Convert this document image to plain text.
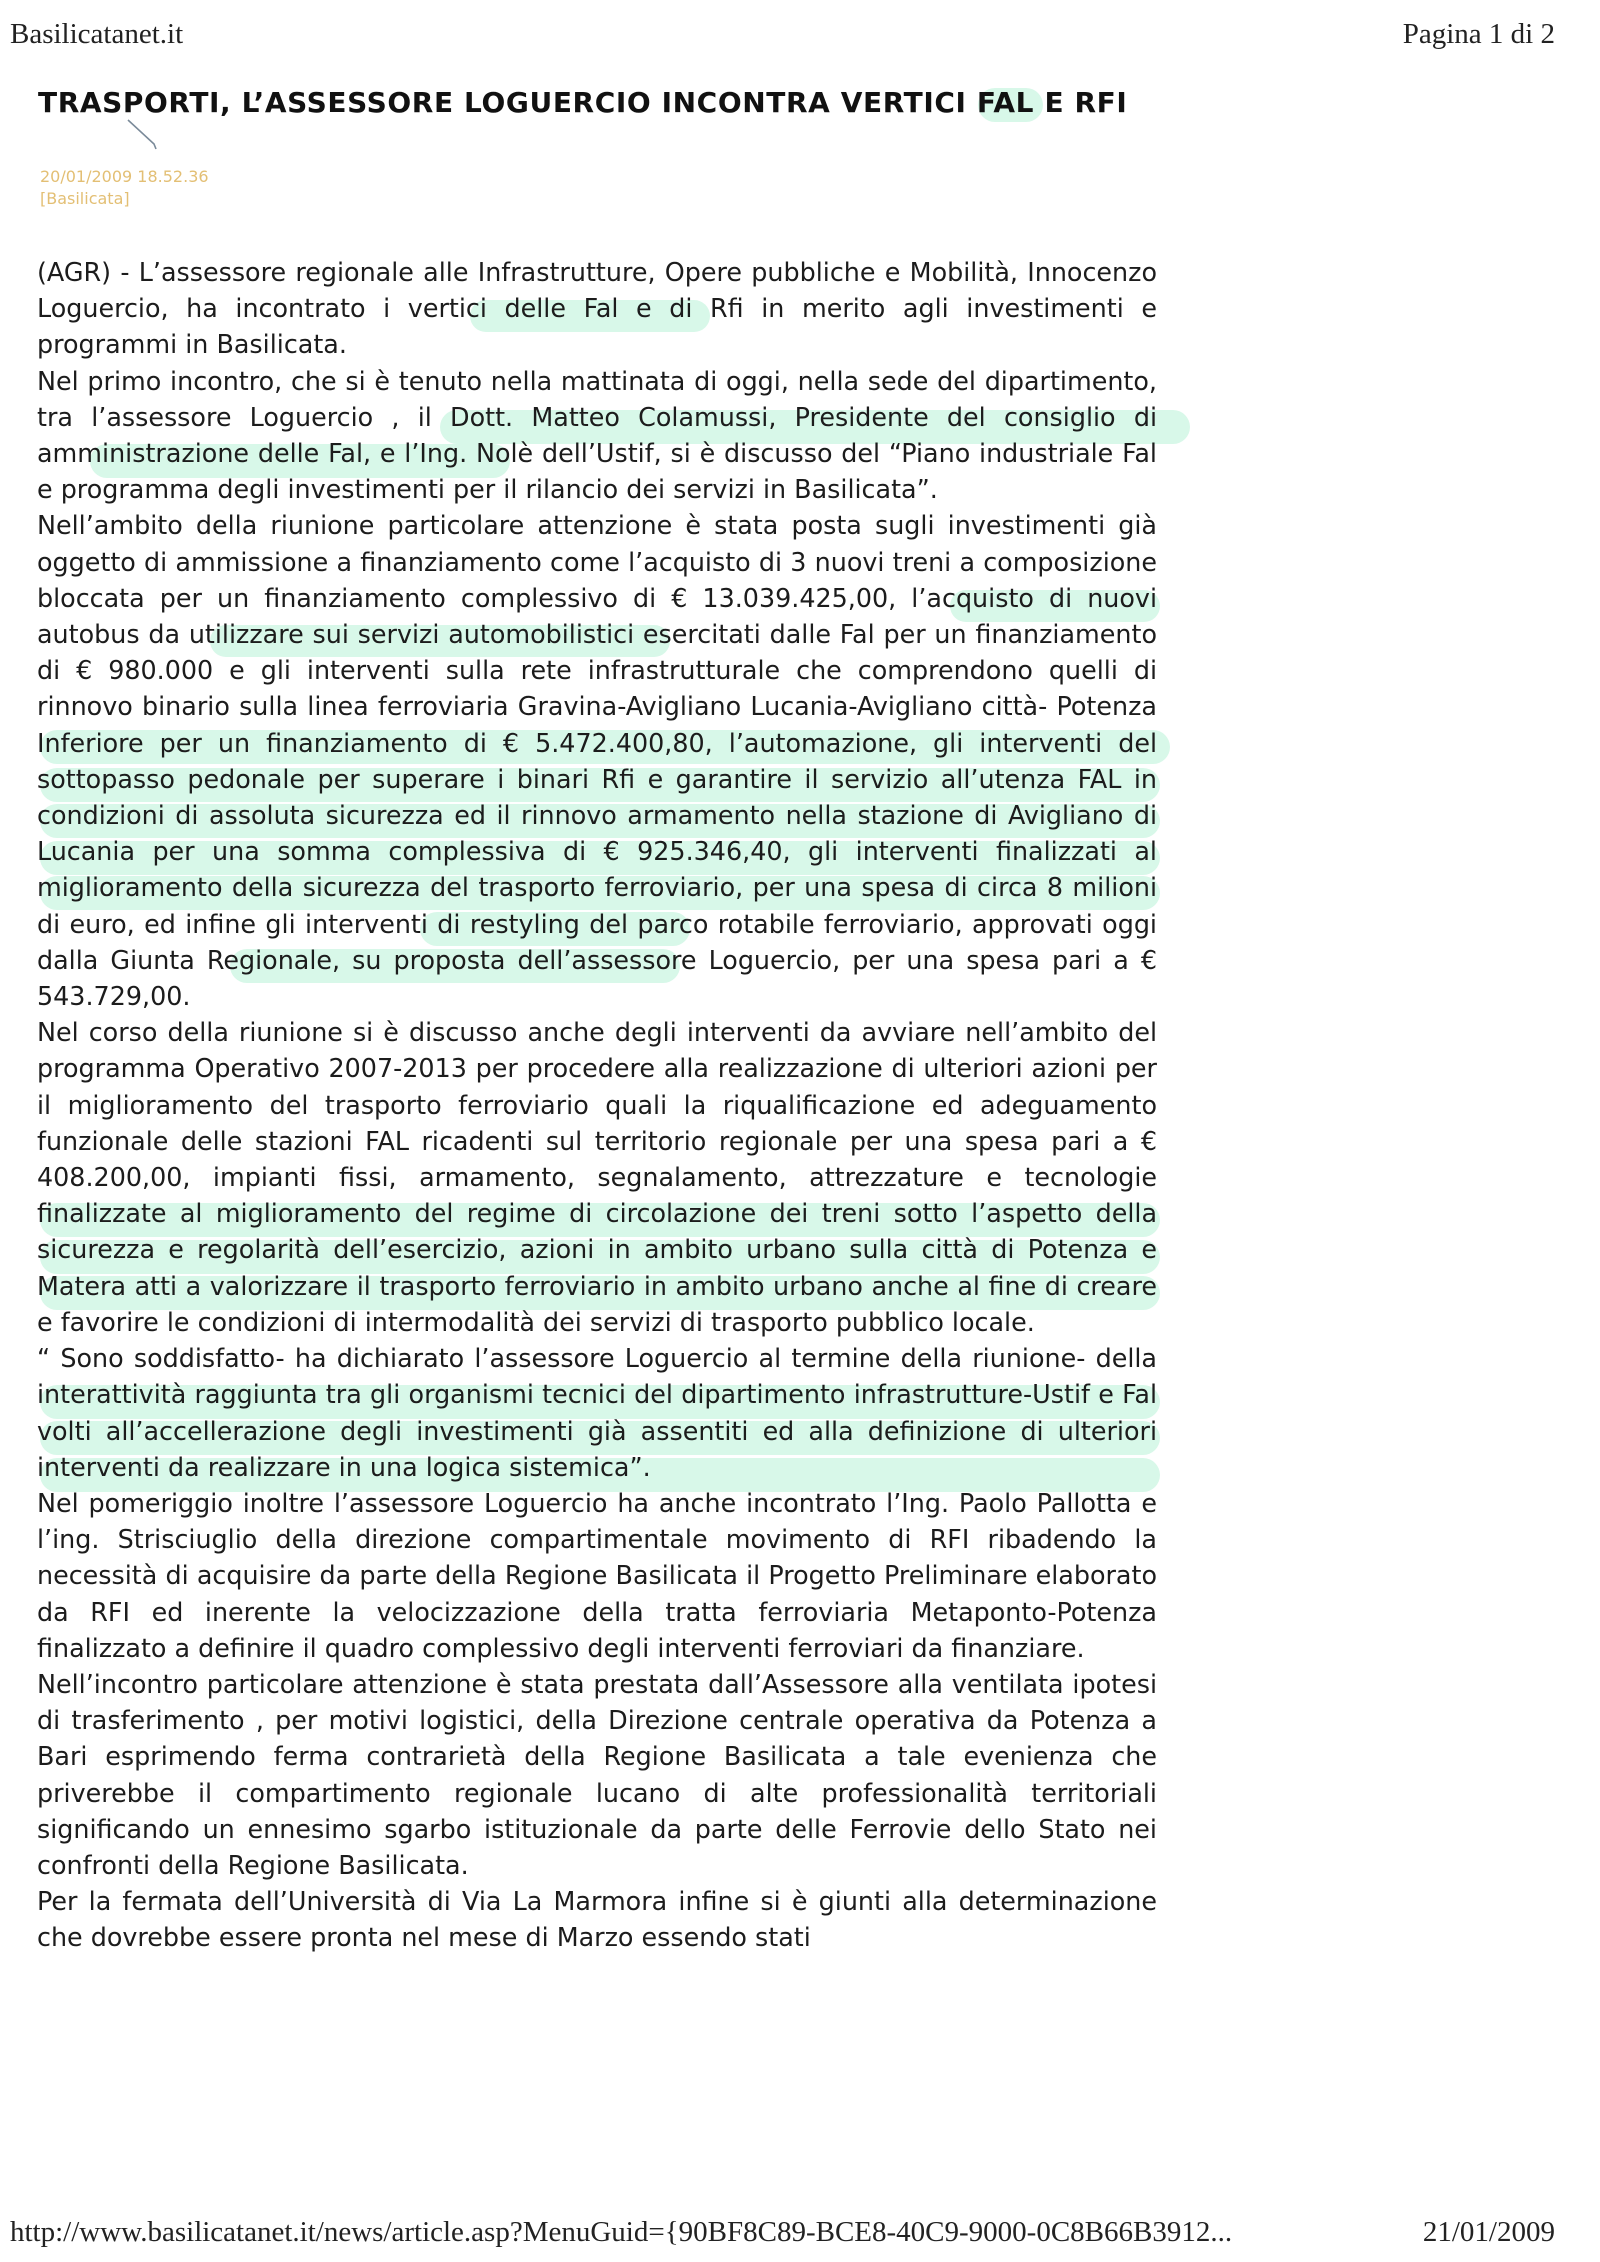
Basilicatanet.it	Pagina 1 di 2
TRASPORTI, L’ASSESSORE LOGUERCIO INCONTRA VERTICI FAL E RFI
20/01/2009 18.52.36
[Basilicata]

(AGR) - L’assessore regionale alle Infrastrutture, Opere pubbliche e Mobilità, Innocenzo Loguercio, ha incontrato i vertici delle Fal e di Rfi in merito agli investimenti e programmi in Basilicata.

Nel primo incontro, che si è tenuto nella mattinata di oggi, nella sede del dipartimento, tra l’assessore Loguercio , il Dott. Matteo Colamussi, Presidente del consiglio di amministrazione delle Fal, e l’Ing. Nolè dell’Ustif, si è discusso del “Piano industriale Fal e programma degli investimenti per il rilancio dei servizi in Basilicata”.

Nell’ambito della riunione particolare attenzione è stata posta sugli investimenti già oggetto di ammissione a finanziamento come l’acquisto di 3 nuovi treni a composizione bloccata per un finanziamento complessivo di € 13.039.425,00, l’acquisto di nuovi autobus da utilizzare sui servizi automobilistici esercitati dalle Fal per un finanziamento di € 980.000 e gli interventi sulla rete infrastrutturale che comprendono quelli di rinnovo binario sulla linea ferroviaria Gravina-Avigliano Lucania-Avigliano città- Potenza Inferiore per un finanziamento di € 5.472.400,80, l’automazione, gli interventi del sottopasso pedonale per superare i binari Rfi e garantire il servizio all’utenza FAL in condizioni di assoluta sicurezza ed il rinnovo armamento nella stazione di Avigliano di Lucania per una somma complessiva di € 925.346,40, gli interventi finalizzati al miglioramento della sicurezza del trasporto ferroviario, per una spesa di circa 8 milioni di euro, ed infine gli interventi di restyling del parco rotabile ferroviario, approvati oggi dalla Giunta Regionale, su proposta dell’assessore Loguercio, per una spesa pari a € 543.729,00.

Nel corso della riunione si è discusso anche degli interventi da avviare nell’ambito del programma Operativo 2007-2013 per procedere alla realizzazione di ulteriori azioni per il miglioramento del trasporto ferroviario quali la riqualificazione ed adeguamento funzionale delle stazioni FAL ricadenti sul territorio regionale per una spesa pari a € 408.200,00, impianti fissi, armamento, segnalamento, attrezzature e tecnologie finalizzate al miglioramento del regime di circolazione dei treni sotto l’aspetto della sicurezza e regolarità dell’esercizio, azioni in ambito urbano sulla città di Potenza e Matera atti a valorizzare il trasporto ferroviario in ambito urbano anche al fine di creare e favorire le condizioni di intermodalità dei servizi di trasporto pubblico locale.

“ Sono soddisfatto- ha dichiarato l’assessore Loguercio al termine della riunione- della interattività raggiunta tra gli organismi tecnici del dipartimento infrastrutture-Ustif e Fal volti all’accellerazione degli investimenti già assentiti ed alla definizione di ulteriori interventi da realizzare in una logica sistemica”.

Nel pomeriggio inoltre l’assessore Loguercio ha anche incontrato l’Ing. Paolo Pallotta e l’ing. Strisciuglio della direzione compartimentale movimento di RFI ribadendo la necessità di acquisire da parte della Regione Basilicata il Progetto Preliminare elaborato da RFI ed inerente la velocizzazione della tratta ferroviaria Metaponto-Potenza finalizzato a definire il quadro complessivo degli interventi ferroviari da finanziare.

Nell’incontro particolare attenzione è stata prestata dall’Assessore alla ventilata ipotesi di trasferimento , per motivi logistici, della Direzione centrale operativa da Potenza a Bari esprimendo ferma contrarietà della Regione Basilicata a tale evenienza che priverebbe il compartimento regionale lucano di alte professionalità territoriali significando un ennesimo sgarbo istituzionale da parte delle Ferrovie dello Stato nei confronti della Regione Basilicata.

Per la fermata dell’Università di Via La Marmora infine si è giunti alla determinazione che dovrebbe essere pronta nel mese di Marzo essendo stati

http://www.basilicatanet.it/news/article.asp?MenuGuid={90BF8C89-BCE8-40C9-9000-0C8B66B3912...	21/01/2009
